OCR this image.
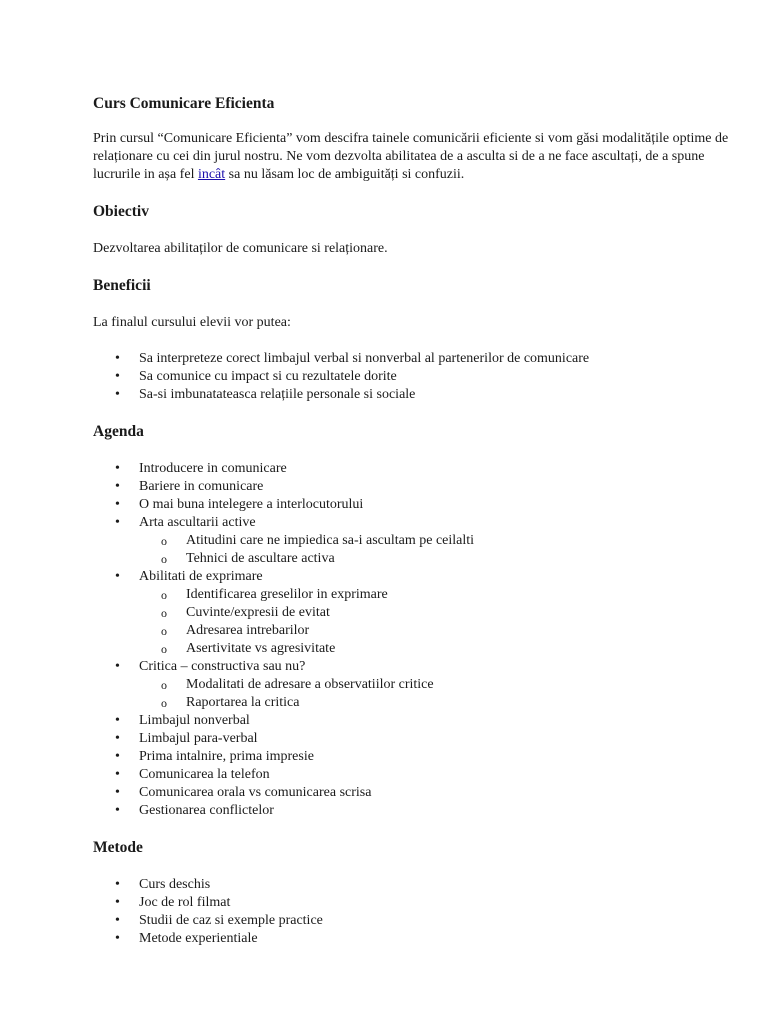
Curs Comunicare Eficienta

Prin cursul “Comunicare Eficienta” vom descifra tainele comunicării eficiente si vom găsi modalitățile optime de relaționare cu cei din jurul nostru. Ne vom dezvolta abilitatea de a asculta si de a ne face ascultați, de a spune lucrurile in așa fel incât sa nu lăsam loc de ambiguități si confuzii.

Obiectiv

Dezvoltarea abilitaților de comunicare si relaționare.

Beneficii

La finalul cursului elevii vor putea:

• Sa interpreteze corect limbajul verbal si nonverbal al partenerilor de comunicare
• Sa comunice cu impact si cu rezultatele dorite
• Sa-si imbunatateasca relațiile personale si sociale
Agenda
• Introducere in comunicare
• Bariere in comunicare
• O mai buna intelegere a interlocutorului
• Arta ascultarii active
o Atitudini care ne impiedica sa-i ascultam pe ceilalti
o Tehnici de ascultare activa
• Abilitati de exprimare
o Identificarea greselilor in exprimare
o Cuvinte/expresii de evitat
o Adresarea intrebarilor
o Asertivitate vs agresivitate
• Critica – constructiva sau nu?
o Modalitati de adresare a observatiilor critice
o Raportarea la critica
• Limbajul nonverbal
• Limbajul para-verbal
• Prima intalnire, prima impresie
• Comunicarea la telefon
• Comunicarea orala vs comunicarea scrisa
• Gestionarea conflictelor
Metode
• Curs deschis
• Joc de rol filmat
• Studii de caz si exemple practice
• Metode experientiale
